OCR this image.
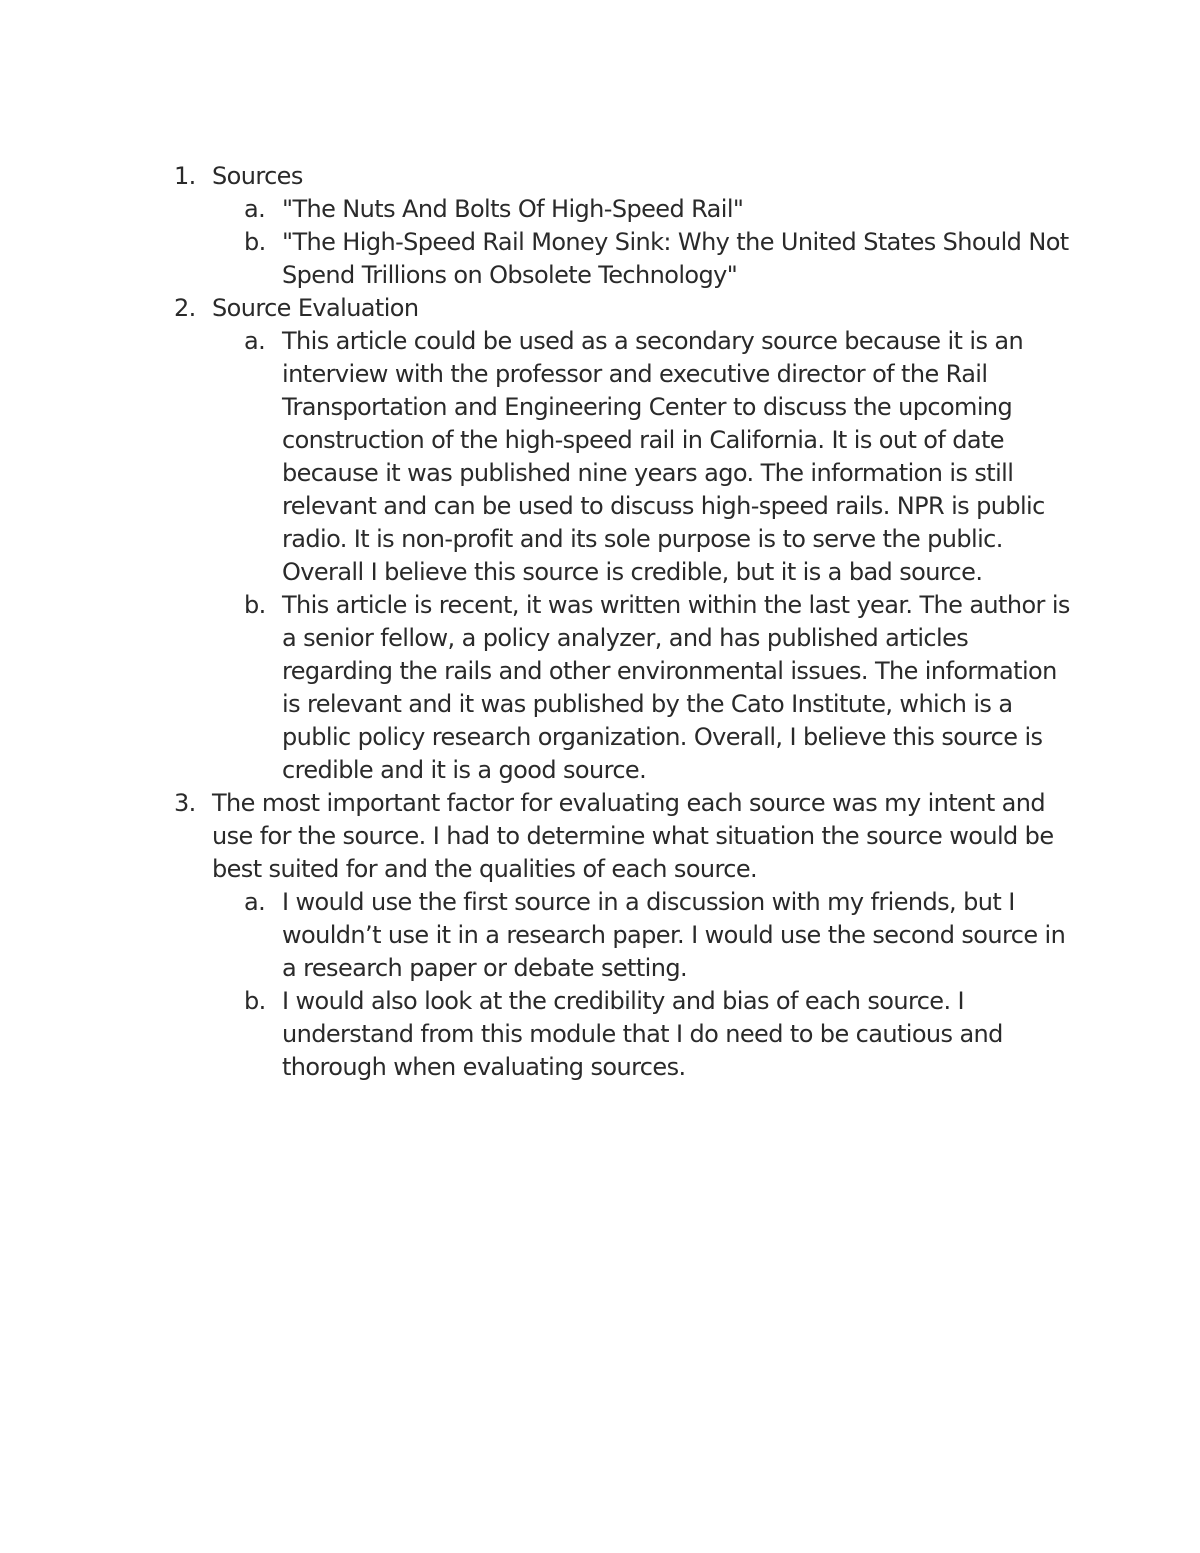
1. Sources
a. "The Nuts And Bolts Of High-Speed Rail"
b. "The High-Speed Rail Money Sink: Why the United States Should Not Spend Trillions on Obsolete Technology"
2. Source Evaluation
a. This article could be used as a secondary source because it is an interview with the professor and executive director of the Rail Transportation and Engineering Center to discuss the upcoming construction of the high-speed rail in California. It is out of date because it was published nine years ago. The information is still relevant and can be used to discuss high-speed rails. NPR is public radio. It is non-profit and its sole purpose is to serve the public. Overall I believe this source is credible, but it is a bad source.
b. This article is recent, it was written within the last year. The author is a senior fellow, a policy analyzer, and has published articles regarding the rails and other environmental issues. The information is relevant and it was published by the Cato Institute, which is a public policy research organization. Overall, I believe this source is credible and it is a good source.
3. The most important factor for evaluating each source was my intent and use for the source. I had to determine what situation the source would be best suited for and the qualities of each source.
a. I would use the first source in a discussion with my friends, but I wouldn’t use it in a research paper. I would use the second source in a research paper or debate setting.
b. I would also look at the credibility and bias of each source. I understand from this module that I do need to be cautious and thorough when evaluating sources.
